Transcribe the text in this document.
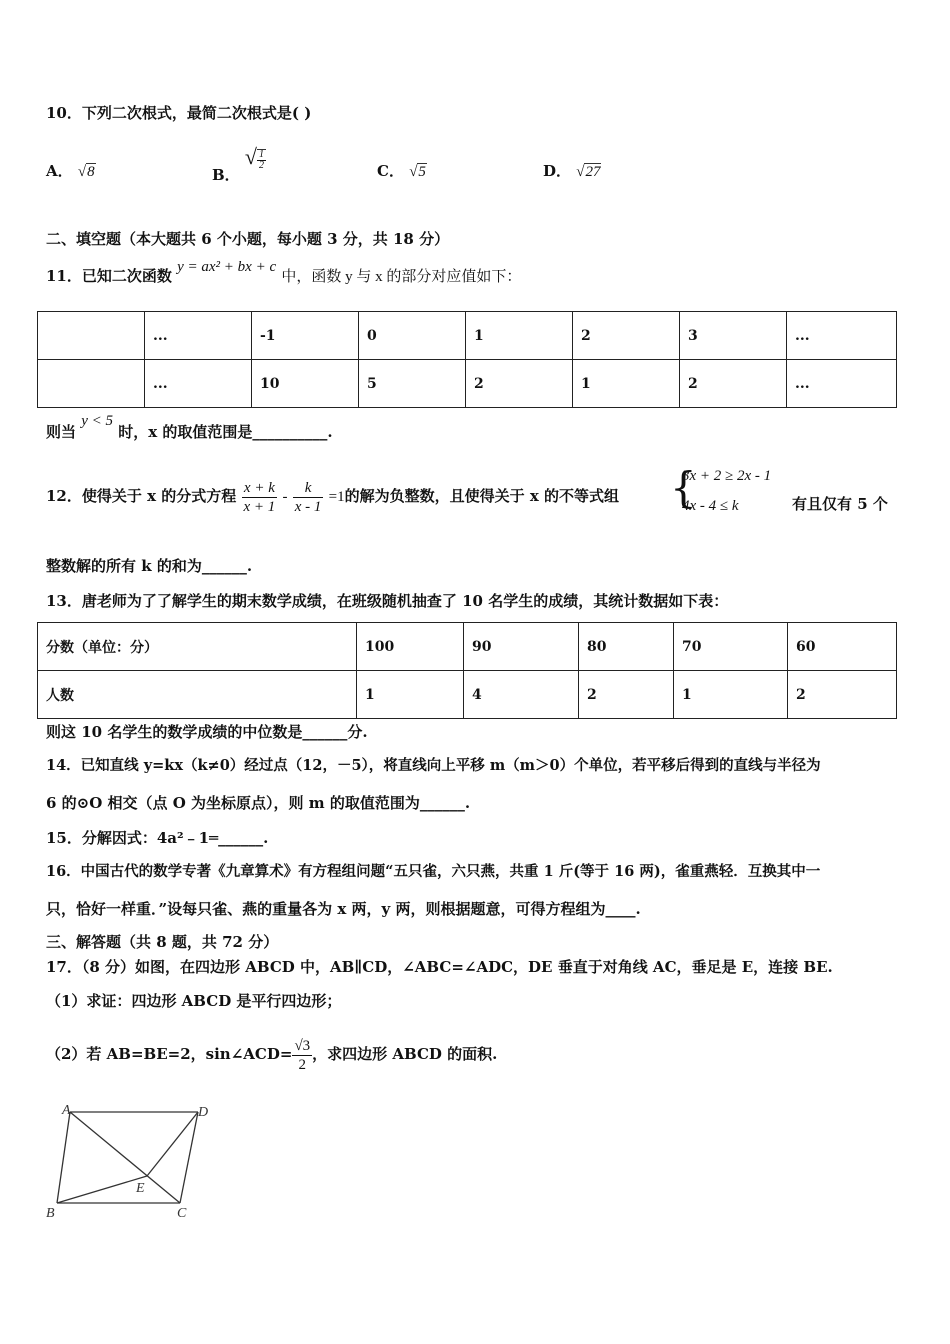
10．下列二次根式，最简二次根式是( )
A． √8	B． √ $\frac{1}{2}$	C． √5	D． √27
二、填空题（本大题共 6 个小题，每小题 3 分，共 18 分）
11．已知二次函数 y = ax² + bx + c 中，函数 y 与 x 的部分对应值如下：
	...	-1	0	1	2	3	...
	...	10	5	2	1	2	...
则当 y < 5 时，x 的取值范围是__________.
12．使得关于 x 的分式方程 $\frac{x + k}{x + 1} - \frac{k}{x - 1} =1$的解为负整数，且使得关于 x 的不等式组 {
3x + 2 ≥ 2x - 1
4x - 4 ≤ k	有且仅有 5 个
整数解的所有 k 的和为______.
13．唐老师为了了解学生的期末数学成绩，在班级随机抽查了 10 名学生的成绩，其统计数据如下表：
分数（单位：分）	100	90	80	70	60
人数	1	4	2	1	2
则这 10 名学生的数学成绩的中位数是______分.
14．已知直线 y=kx（k≠0）经过点（12，－5），将直线向上平移 m（m＞0）个单位，若平移后得到的直线与半径为
6 的⊙O 相交（点 O 为坐标原点），则 m 的取值范围为______.
15．分解因式：4a²﹣1═______.
16．中国古代的数学专著《九章算术》有方程组问题“五只雀，六只燕，共重 1 斤(等于 16 两)，雀重燕轻．互换其中一
只，恰好一样重．”设每只雀、燕的重量各为 x 两，y 两，则根据题意，可得方程组为____.
三、解答题（共 8 题，共 72 分）
17．（8 分）如图，在四边形 ABCD 中，AB∥CD，∠ABC=∠ADC，DE 垂直于对角线 AC，垂足是 E，连接 BE.
（1）求证：四边形 ABCD 是平行四边形；
（2）若 AB=BE=2，sin∠ACD= $\frac{√3}{2}$ ，求四边形 ABCD 的面积.
A	D
B	C
E
